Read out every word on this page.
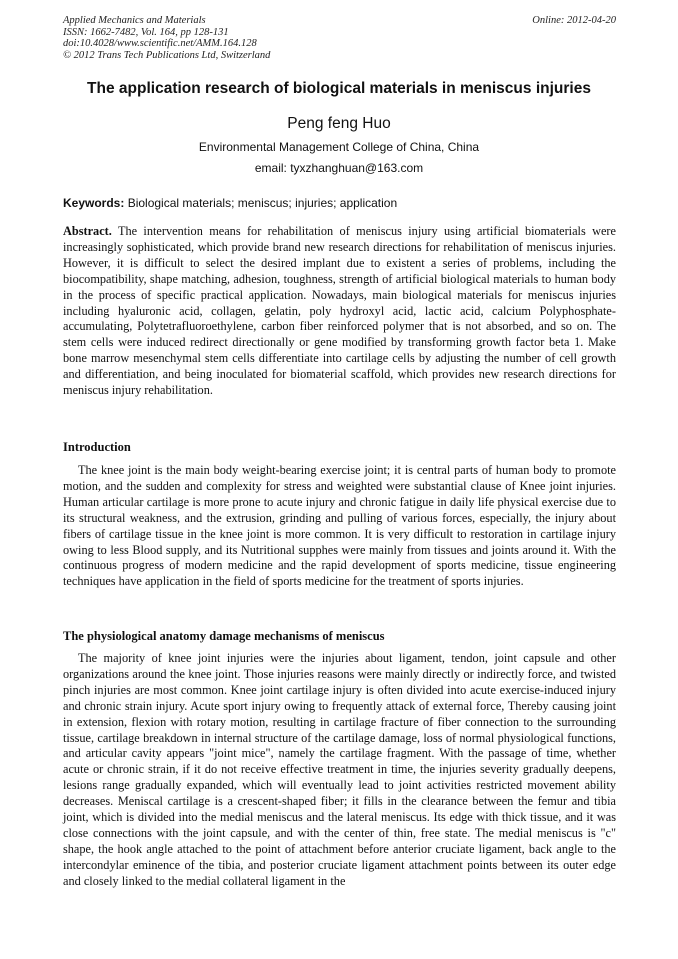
Applied Mechanics and Materials
ISSN: 1662-7482, Vol. 164, pp 128-131
doi:10.4028/www.scientific.net/AMM.164.128
© 2012 Trans Tech Publications Ltd, Switzerland
Online: 2012-04-20
The application research of biological materials in meniscus injuries
Peng feng Huo
Environmental Management College of China, China
email: tyxzhanghuan@163.com
Keywords: Biological materials; meniscus; injuries; application
Abstract. The intervention means for rehabilitation of meniscus injury using artificial biomaterials were increasingly sophisticated, which provide brand new research directions for rehabilitation of meniscus injuries. However, it is difficult to select the desired implant due to existent a series of problems, including the biocompatibility, shape matching, adhesion, toughness, strength of artificial biological materials to human body in the process of specific practical application. Nowadays, main biological materials for meniscus injuries including hyaluronic acid, collagen, gelatin, poly hydroxyl acid, lactic acid, calcium Polyphosphate-accumulating, Polytetrafluoroethylene, carbon fiber reinforced polymer that is not absorbed, and so on. The stem cells were induced redirect directionally or gene modified by transforming growth factor beta 1. Make bone marrow mesenchymal stem cells differentiate into cartilage cells by adjusting the number of cell growth and differentiation, and being inoculated for biomaterial scaffold, which provides new research directions for meniscus injury rehabilitation.
Introduction
The knee joint is the main body weight-bearing exercise joint; it is central parts of human body to promote motion, and the sudden and complexity for stress and weighted were substantial clause of Knee joint injuries. Human articular cartilage is more prone to acute injury and chronic fatigue in daily life physical exercise due to its structural weakness, and the extrusion, grinding and pulling of various forces, especially, the injury about fibers of cartilage tissue in the knee joint is more common. It is very difficult to restoration in cartilage injury owing to less Blood supply, and its Nutritional supphes were mainly from tissues and joints around it. With the continuous progress of modern medicine and the rapid development of sports medicine, tissue engineering techniques have application in the field of sports medicine for the treatment of sports injuries.
The physiological anatomy damage mechanisms of meniscus
The majority of knee joint injuries were the injuries about ligament, tendon, joint capsule and other organizations around the knee joint. Those injuries reasons were mainly directly or indirectly force, and twisted pinch injuries are most common. Knee joint cartilage injury is often divided into acute exercise-induced injury and chronic strain injury. Acute sport injury owing to frequently attack of external force, Thereby causing joint in extension, flexion with rotary motion, resulting in cartilage fracture of fiber connection to the surrounding tissue, cartilage breakdown in internal structure of the cartilage damage, loss of normal physiological functions, and articular cavity appears "joint mice", namely the cartilage fragment. With the passage of time, whether acute or chronic strain, if it do not receive effective treatment in time, the injuries severity gradually deepens, lesions range gradually expanded, which will eventually lead to joint activities restricted movement ability decreases. Meniscal cartilage is a crescent-shaped fiber; it fills in the clearance between the femur and tibia joint, which is divided into the medial meniscus and the lateral meniscus. Its edge with thick tissue, and it was close connections with the joint capsule, and with the center of thin, free state. The medial meniscus is "c" shape, the hook angle attached to the point of attachment before anterior cruciate ligament, back angle to the intercondylar eminence of the tibia, and posterior cruciate ligament attachment points between its outer edge and closely linked to the medial collateral ligament in the
